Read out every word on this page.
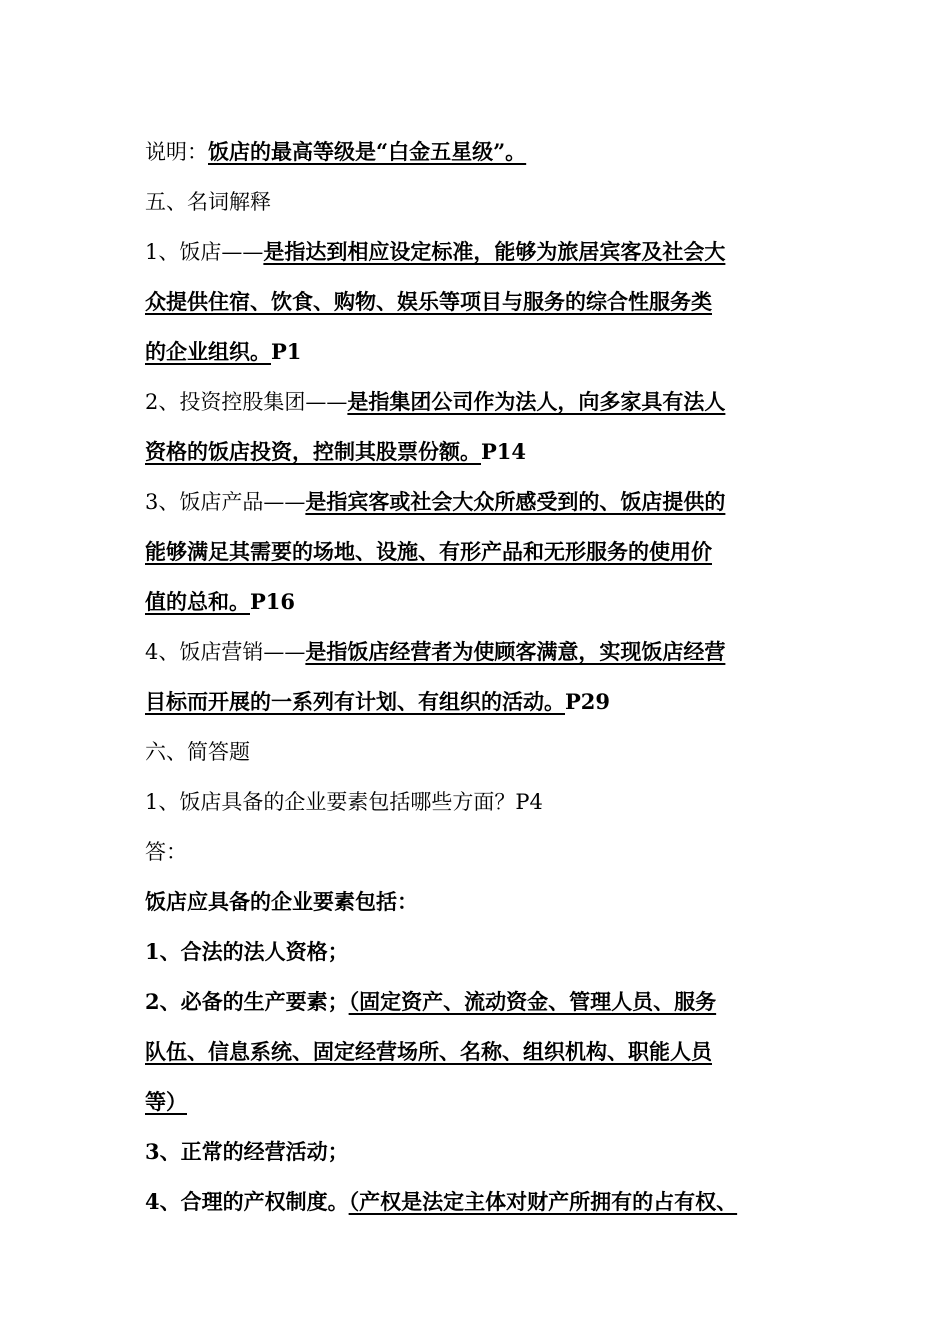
说明：饭店的最高等级是“白金五星级”。
五、名词解释
1、饭店——是指达到相应设定标准，能够为旅居宾客及社会大
众提供住宿、饮食、购物、娱乐等项目与服务的综合性服务类
的企业组织。P1
2、投资控股集团——是指集团公司作为法人，向多家具有法人
资格的饭店投资，控制其股票份额。P14
3、饭店产品——是指宾客或社会大众所感受到的、饭店提供的
能够满足其需要的场地、设施、有形产品和无形服务的使用价
值的总和。P16
4、饭店营销——是指饭店经营者为使顾客满意，实现饭店经营
目标而开展的一系列有计划、有组织的活动。P29
六、简答题
1、饭店具备的企业要素包括哪些方面？P4
答：
饭店应具备的企业要素包括：
1、合法的法人资格；
2、必备的生产要素；（固定资产、流动资金、管理人员、服务
队伍、信息系统、固定经营场所、名称、组织机构、职能人员
等）
3、正常的经营活动；
4、合理的产权制度。（产权是法定主体对财产所拥有的占有权、
